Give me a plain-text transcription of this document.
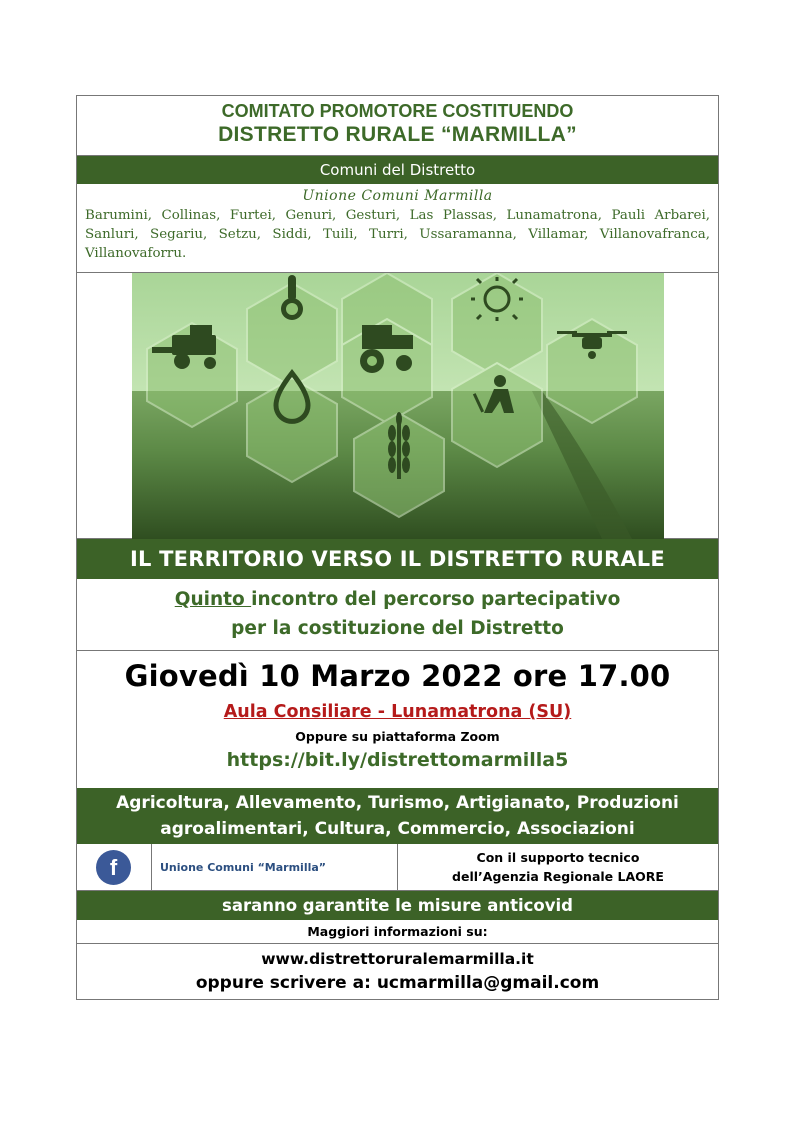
COMITATO PROMOTORE COSTITUENDO
DISTRETTO RURALE “MARMILLA”
Comuni del Distretto
Unione Comuni Marmilla
Barumini, Collinas, Furtei, Genuri, Gesturi, Las Plassas, Lunamatrona, Pauli Arbarei, Sanluri, Segariu, Setzu, Siddi, Tuili, Turri, Ussaramanna, Villamar, Villanovafranca, Villanovaforru.
IL TERRITORIO VERSO IL DISTRETTO RURALE
Quinto incontro del percorso partecipativo
per la costituzione del Distretto
Giovedì 10 Marzo 2022 ore 17.00
Aula Consiliare - Lunamatrona (SU)
Oppure su piattaforma Zoom
https://bit.ly/distrettomarmilla5
Agricoltura, Allevamento, Turismo, Artigianato, Produzioni
agroalimentari, Cultura, Commercio, Associazioni
f	Unione Comuni “Marmilla”
Con il supporto tecnico
dell’Agenzia Regionale LAORE
saranno garantite le misure anticovid
Maggiori informazioni su:
www.distrettoruralemarmilla.it
oppure scrivere a: ucmarmilla@gmail.com
